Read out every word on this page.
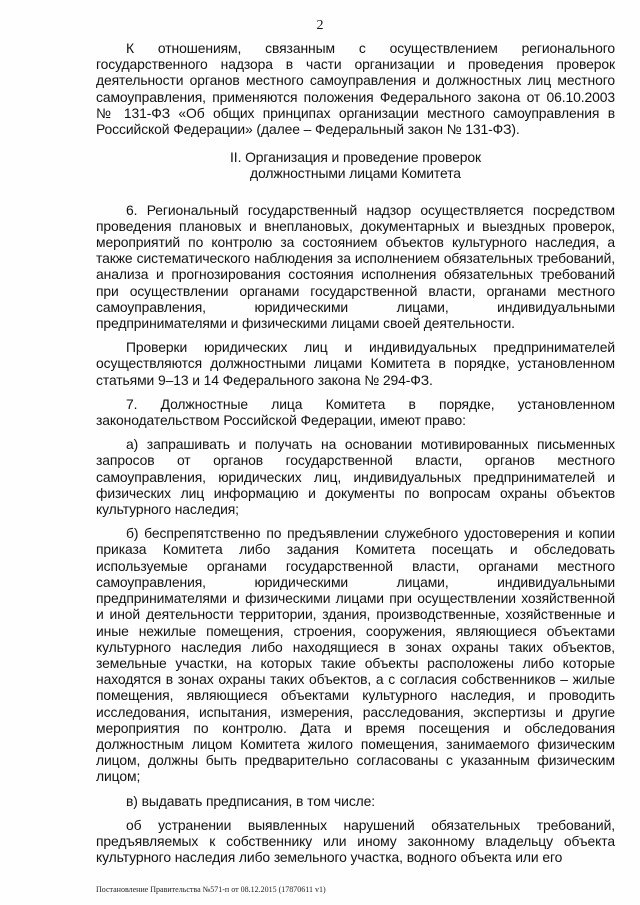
2

К отношениям, связанным с осуществлением регионального государственного надзора в части организации и проведения проверок деятельности органов местного самоуправления и должностных лиц местного самоуправления, применяются положения Федерального закона от 06.10.2003 № 131-ФЗ «Об общих принципах организации местного самоуправления в Российской Федерации» (далее – Федеральный закон № 131-ФЗ).

II. Организация и проведение проверок
должностными лицами Комитета

6. Региональный государственный надзор осуществляется посредством проведения плановых и внеплановых, документарных и выездных проверок, мероприятий по контролю за состоянием объектов культурного наследия, а также систематического наблюдения за исполнением обязательных требований, анализа и прогнозирования состояния исполнения обязательных требований при осуществлении органами государственной власти, органами местного самоуправления, юридическими лицами, индивидуальными предпринимателями и физическими лицами своей деятельности.

Проверки юридических лиц и индивидуальных предпринимателей осуществляются должностными лицами Комитета в порядке, установленном статьями 9–13 и 14 Федерального закона № 294-ФЗ.

7. Должностные лица Комитета в порядке, установленном законодательством Российской Федерации, имеют право:

а) запрашивать и получать на основании мотивированных письменных запросов от органов государственной власти, органов местного самоуправления, юридических лиц, индивидуальных предпринимателей и физических лиц информацию и документы по вопросам охраны объектов культурного наследия;

б) беспрепятственно по предъявлении служебного удостоверения и копии приказа Комитета либо задания Комитета посещать и обследовать используемые органами государственной власти, органами местного самоуправления, юридическими лицами, индивидуальными предпринимателями и физическими лицами при осуществлении хозяйственной и иной деятельности территории, здания, производственные, хозяйственные и иные нежилые помещения, строения, сооружения, являющиеся объектами культурного наследия либо находящиеся в зонах охраны таких объектов, земельные участки, на которых такие объекты расположены либо которые находятся в зонах охраны таких объектов, а с согласия собственников – жилые помещения, являющиеся объектами культурного наследия, и проводить исследования, испытания, измерения, расследования, экспертизы и другие мероприятия по контролю. Дата и время посещения и обследования должностным лицом Комитета жилого помещения, занимаемого физическим лицом, должны быть предварительно согласованы с указанным физическим лицом;

в) выдавать предписания, в том числе:

об устранении выявленных нарушений обязательных требований, предъявляемых к собственнику или иному законному владельцу объекта культурного наследия либо земельного участка, водного объекта или его

Постановление Правительства №571-п от 08.12.2015 (17870611 v1)
